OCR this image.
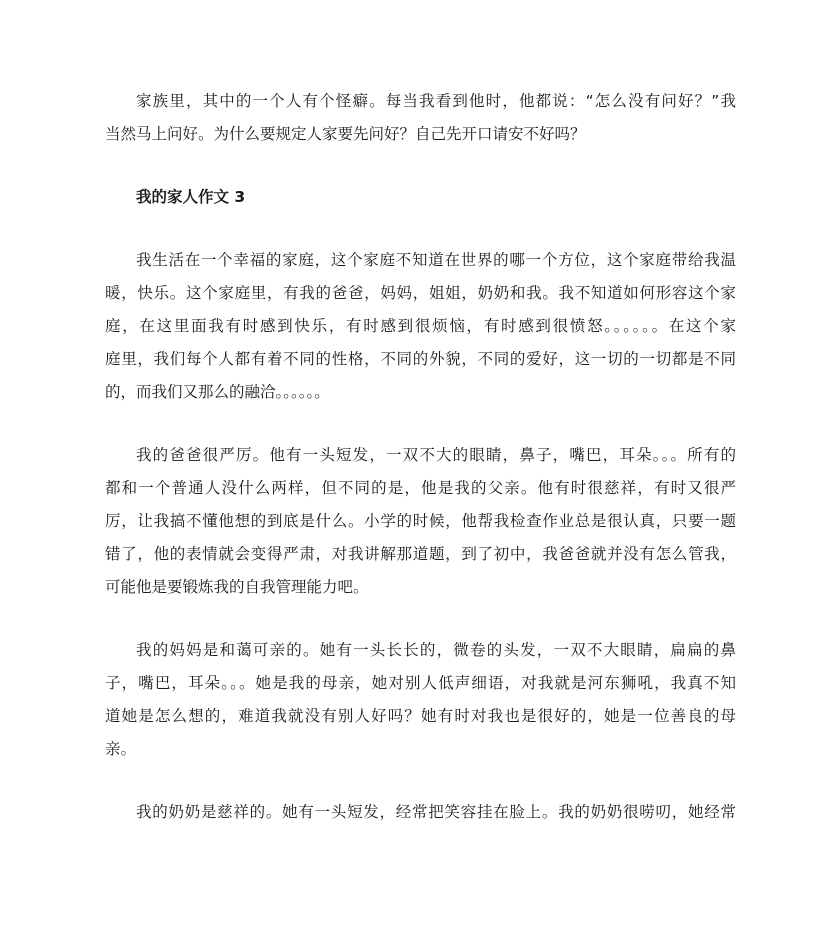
家族里，其中的一个人有个怪癖。每当我看到他时，他都说：“怎么没有问好？”我
当然马上问好。为什么要规定人家要先问好？自己先开口请安不好吗？
我的家人作文 3
我生活在一个幸福的家庭，这个家庭不知道在世界的哪一个方位，这个家庭带给我温
暖，快乐。这个家庭里，有我的爸爸，妈妈，姐姐，奶奶和我。我不知道如何形容这个家
庭，在这里面我有时感到快乐，有时感到很烦恼，有时感到很愤怒。。。。。。在这个家
庭里，我们每个人都有着不同的性格，不同的外貌，不同的爱好，这一切的一切都是不同
的，而我们又那么的融洽。。。。。。
我的爸爸很严厉。他有一头短发，一双不大的眼睛，鼻子，嘴巴，耳朵。。。所有的
都和一个普通人没什么两样，但不同的是，他是我的父亲。他有时很慈祥，有时又很严
厉，让我搞不懂他想的到底是什么。小学的时候，他帮我检查作业总是很认真，只要一题
错了，他的表情就会变得严肃，对我讲解那道题，到了初中，我爸爸就并没有怎么管我，
可能他是要锻炼我的自我管理能力吧。
我的妈妈是和蔼可亲的。她有一头长长的，微卷的头发，一双不大眼睛，扁扁的鼻
子，嘴巴，耳朵。。。她是我的母亲，她对别人低声细语，对我就是河东狮吼，我真不知
道她是怎么想的，难道我就没有别人好吗？她有时对我也是很好的，她是一位善良的母
亲。
我的奶奶是慈祥的。她有一头短发，经常把笑容挂在脸上。我的奶奶很唠叨，她经常
